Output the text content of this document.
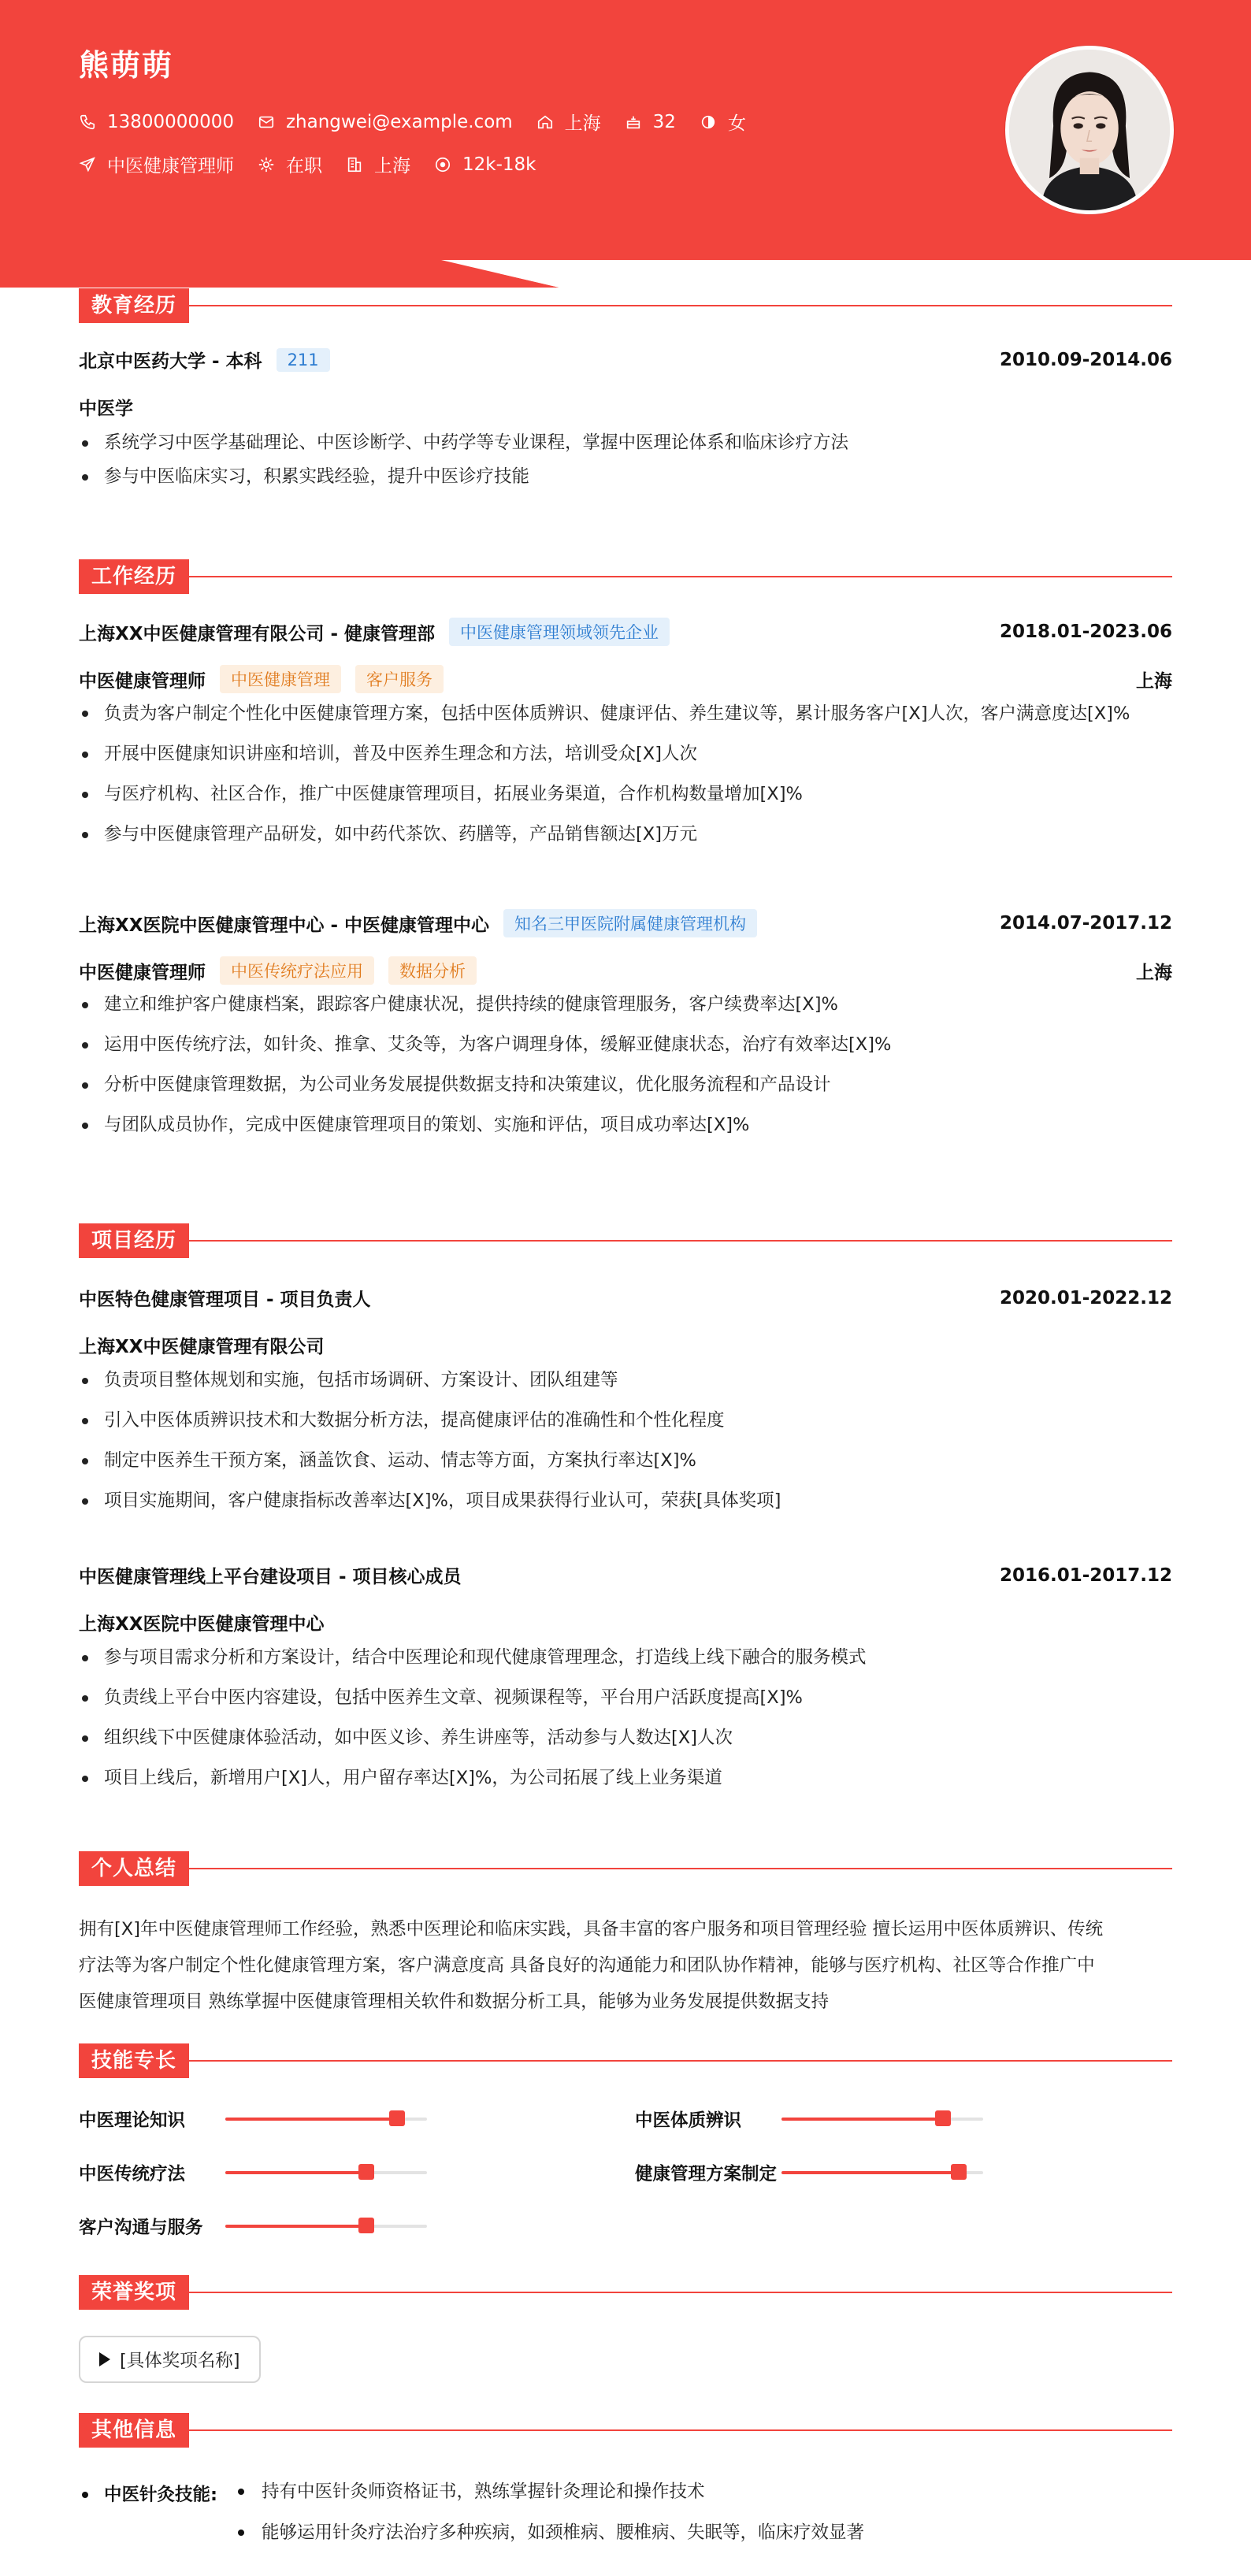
熊萌萌
13800000000	zhangwei@example.com	上海	32	女
中医健康管理师	在职	上海	12k-18k
教育经历
北京中医药大学 - 本科	211	2010.09-2014.06
中医学
系统学习中医学基础理论、中医诊断学、中药学等专业课程，掌握中医理论体系和临床诊疗方法
参与中医临床实习，积累实践经验，提升中医诊疗技能
工作经历
上海XX中医健康管理有限公司 - 健康管理部	中医健康管理领域领先企业	2018.01-2023.06
中医健康管理师	中医健康管理	客户服务	上海
负责为客户制定个性化中医健康管理方案，包括中医体质辨识、健康评估、养生建议等，累计服务客户[X]人次，客户满意度达[X]%
开展中医健康知识讲座和培训，普及中医养生理念和方法，培训受众[X]人次
与医疗机构、社区合作，推广中医健康管理项目，拓展业务渠道，合作机构数量增加[X]%
参与中医健康管理产品研发，如中药代茶饮、药膳等，产品销售额达[X]万元
上海XX医院中医健康管理中心 - 中医健康管理中心	知名三甲医院附属健康管理机构	2014.07-2017.12
中医健康管理师	中医传统疗法应用	数据分析	上海
建立和维护客户健康档案，跟踪客户健康状况，提供持续的健康管理服务，客户续费率达[X]%
运用中医传统疗法，如针灸、推拿、艾灸等，为客户调理身体，缓解亚健康状态，治疗有效率达[X]%
分析中医健康管理数据，为公司业务发展提供数据支持和决策建议，优化服务流程和产品设计
与团队成员协作，完成中医健康管理项目的策划、实施和评估，项目成功率达[X]%
项目经历
中医特色健康管理项目 - 项目负责人	2020.01-2022.12
上海XX中医健康管理有限公司
负责项目整体规划和实施，包括市场调研、方案设计、团队组建等
引入中医体质辨识技术和大数据分析方法，提高健康评估的准确性和个性化程度
制定中医养生干预方案，涵盖饮食、运动、情志等方面，方案执行率达[X]%
项目实施期间，客户健康指标改善率达[X]%，项目成果获得行业认可，荣获[具体奖项]
中医健康管理线上平台建设项目 - 项目核心成员	2016.01-2017.12
上海XX医院中医健康管理中心
参与项目需求分析和方案设计，结合中医理论和现代健康管理理念，打造线上线下融合的服务模式
负责线上平台中医内容建设，包括中医养生文章、视频课程等，平台用户活跃度提高[X]%
组织线下中医健康体验活动，如中医义诊、养生讲座等，活动参与人数达[X]人次
项目上线后，新增用户[X]人，用户留存率达[X]%，为公司拓展了线上业务渠道
个人总结
拥有[X]年中医健康管理师工作经验，熟悉中医理论和临床实践，具备丰富的客户服务和项目管理经验 擅长运用中医体质辨识、传统
疗法等为客户制定个性化健康管理方案，客户满意度高 具备良好的沟通能力和团队协作精神，能够与医疗机构、社区等合作推广中
医健康管理项目 熟练掌握中医健康管理相关软件和数据分析工具，能够为业务发展提供数据支持
技能专长
中医理论知识	中医体质辨识
中医传统疗法	健康管理方案制定
客户沟通与服务
荣誉奖项
[具体奖项名称]
其他信息
中医针灸技能:	持有中医针灸师资格证书，熟练掌握针灸理论和操作技术
能够运用针灸疗法治疗多种疾病，如颈椎病、腰椎病、失眠等，临床疗效显著
